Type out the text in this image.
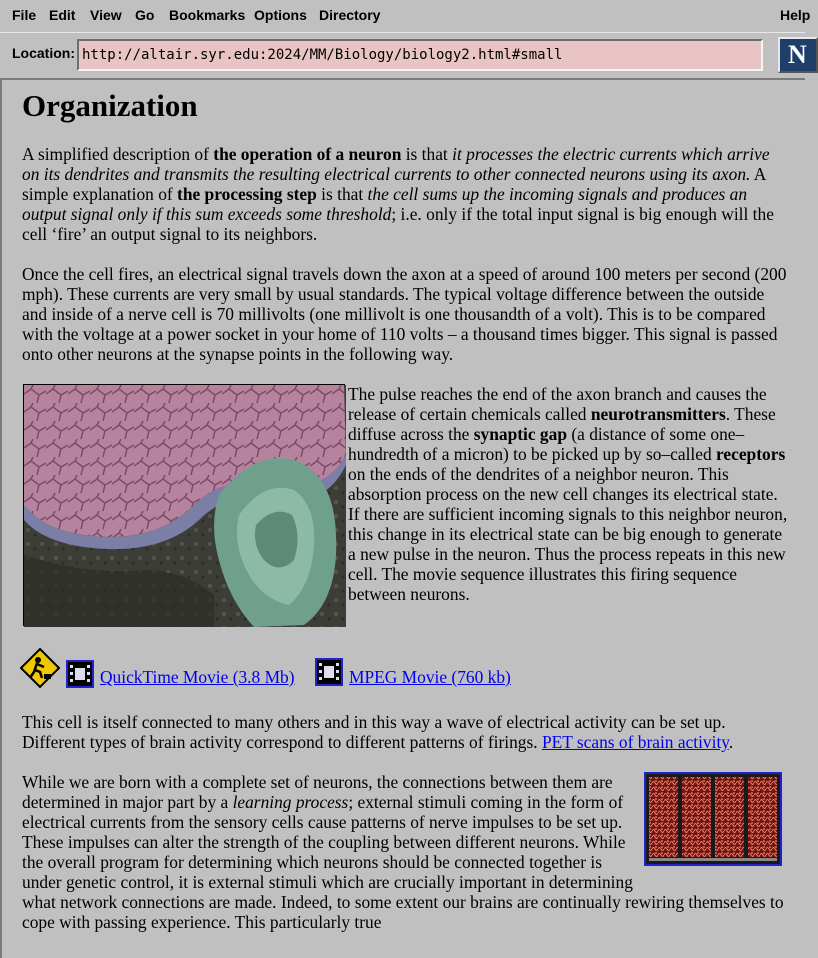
File Edit View Go Bookmarks Options Directory	Help
Location:
http://altair.syr.edu:2024/MM/Biology/biology2.html#small	N
Organization

A simplified description of the operation of a neuron is that it processes the electric currents which arrive on its dendrites and transmits the resulting electrical currents to other connected neurons using its axon. A simple explanation of the processing step is that the cell sums up the incoming signals and produces an output signal only if this sum exceeds some threshold; i.e. only if the total input signal is big enough will the cell ‘fire’ an output signal to its neighbors.

Once the cell fires, an electrical signal travels down the axon at a speed of around 100 meters per second (200 mph). These currents are very small by usual standards. The typical voltage difference between the outside and inside of a nerve cell is 70 millivolts (one millivolt is one thousandth of a volt). This is to be compared with the voltage at a power socket in your home of 110 volts – a thousand times bigger. This signal is passed onto other neurons at the synapse points in the following way.

The pulse reaches the end of the axon branch and causes the release of certain chemicals called neurotransmitters. These diffuse across the synaptic gap (a distance of some one–hundredth of a micron) to be picked up by so–called receptors on the ends of the dendrites of a neighbor neuron. This absorption process on the new cell changes its electrical state. If there are sufficient incoming signals to this neighbor neuron, this change in its electrical state can be big enough to generate a new pulse in the neuron. Thus the process repeats in this new cell. The movie sequence illustrates this firing sequence between neurons.
QuickTime Movie (3.8 Mb)	MPEG Movie (760 kb)

This cell is itself connected to many others and in this way a wave of electrical activity can be set up. Different types of brain activity correspond to different patterns of firings. PET scans of brain activity.

While we are born with a complete set of neurons, the connections between them are determined in major part by a learning process; external stimuli coming in the form of electrical currents from the sensory cells cause patterns of nerve impulses to be set up. These impulses can alter the strength of the coupling between different neurons. While the overall program for determining which neurons should be connected together is under genetic control, it is external stimuli which are crucially important in determining what network connections are made. Indeed, to some extent our brains are continually rewiring themselves to cope with passing experience. This particularly true
